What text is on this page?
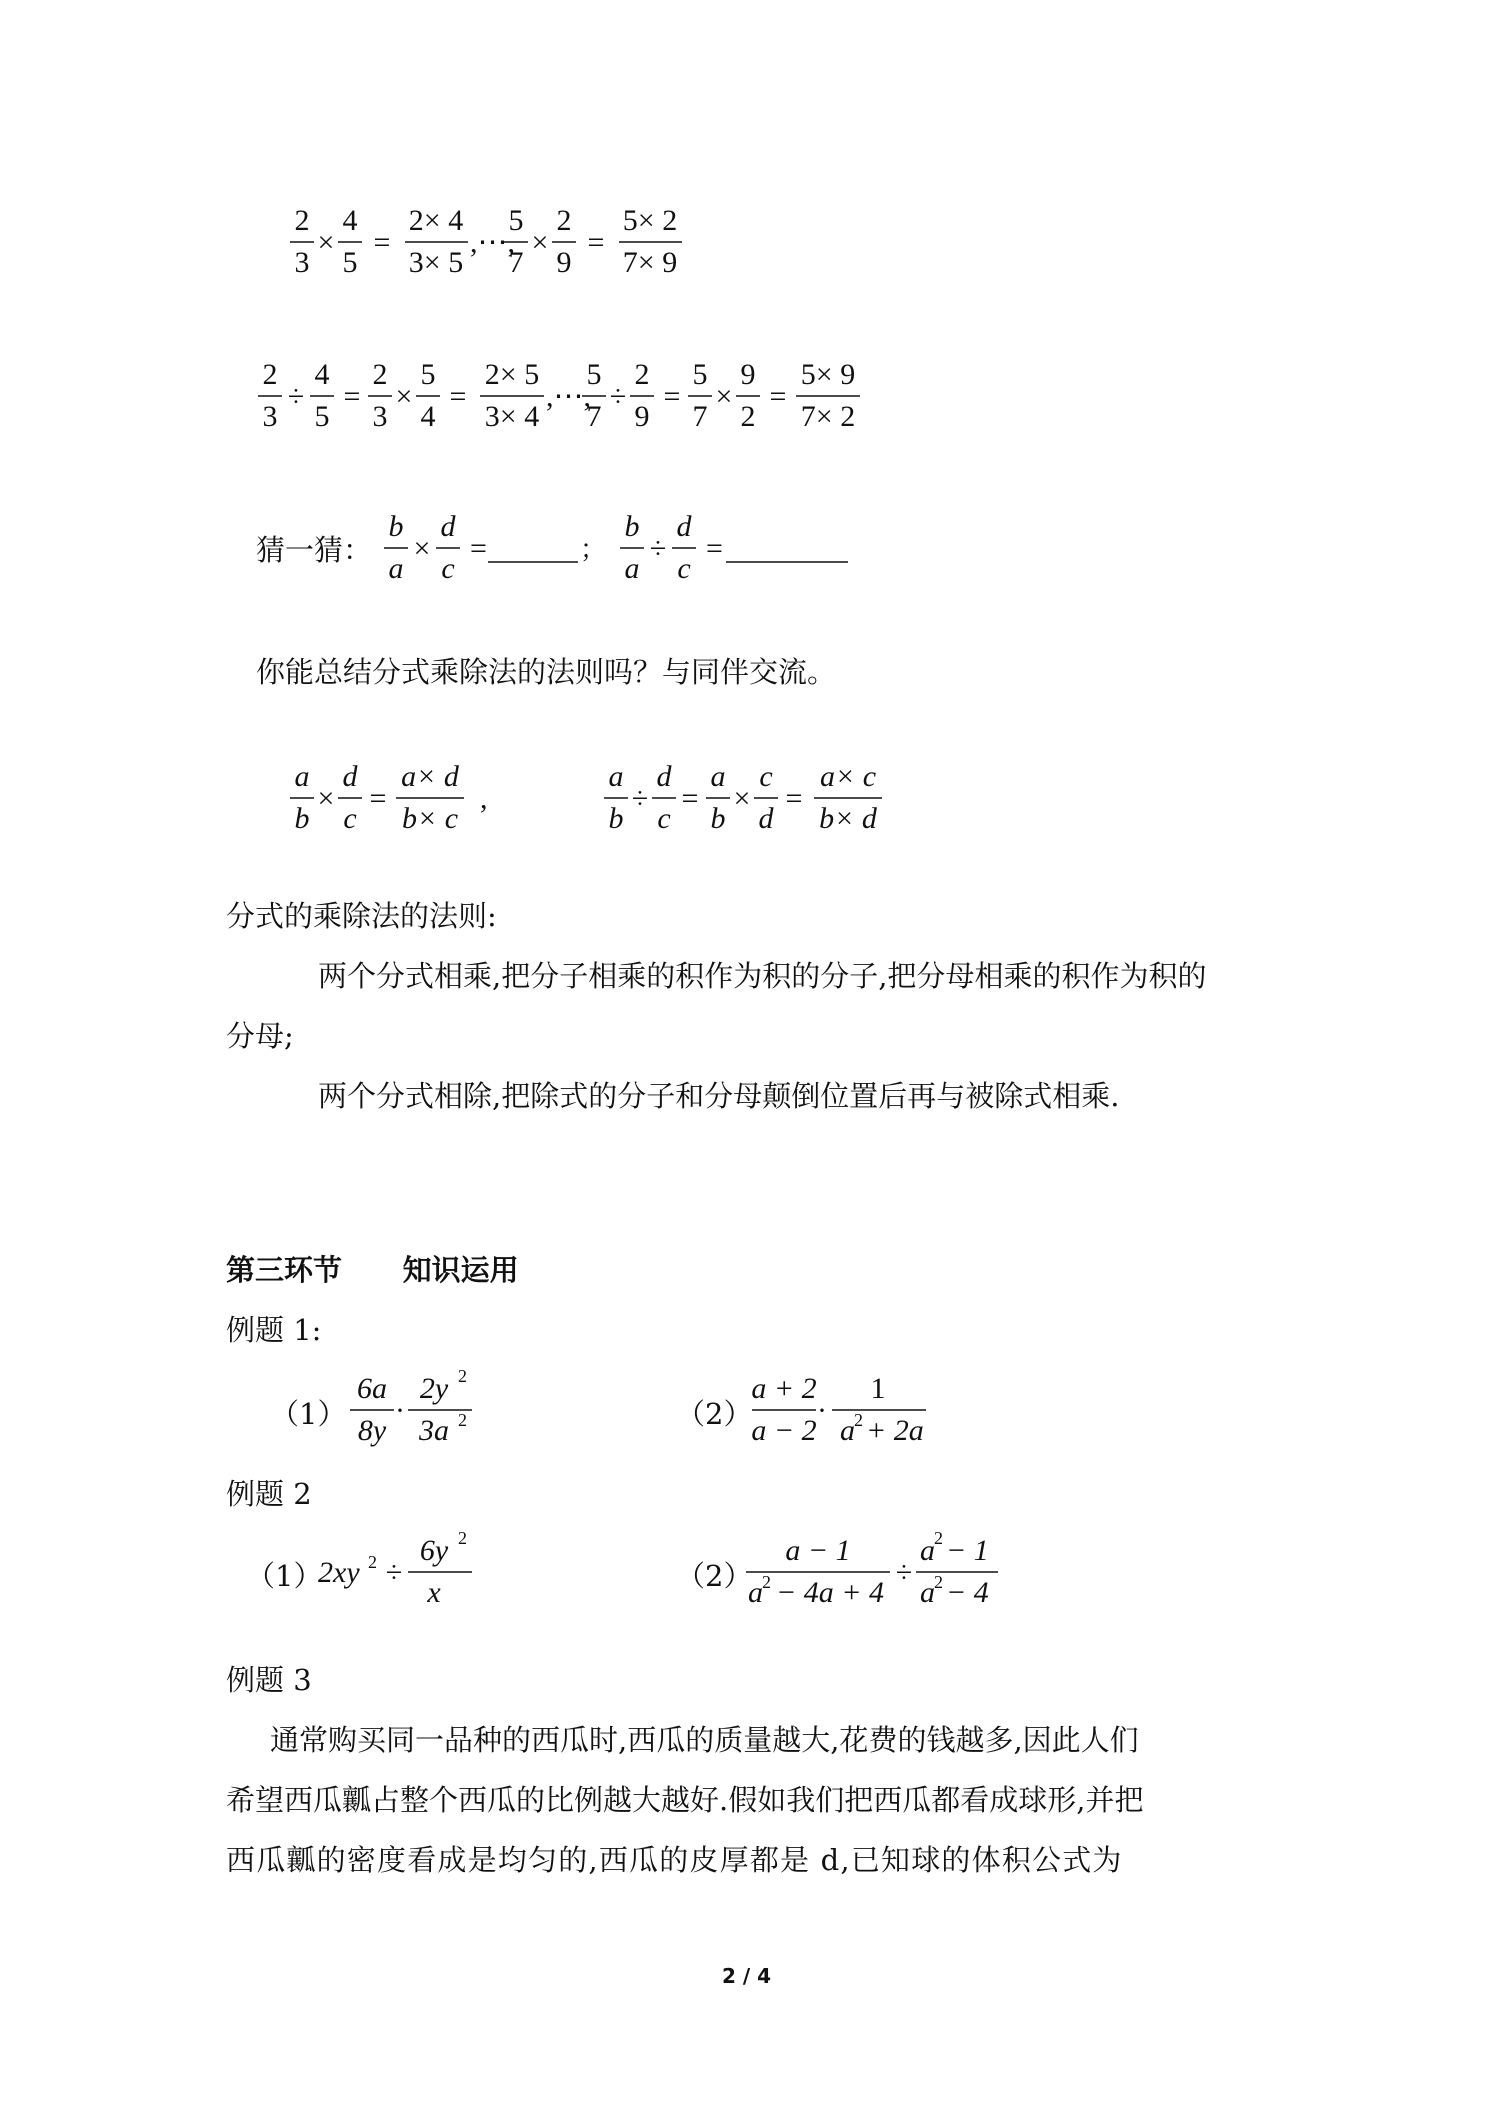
2
3
×
4
5
=
2× 4
3× 5
,⋯,
5
7
×
2
9
=
5× 2
7× 9
2
3
÷
4
5
=
2
3
×
5
4
=
2× 5
3× 4
,⋯,
5
7
÷
2
9
=
5
7
×
9
2
=
5× 9
7× 2
猜一猜：
b
a
×
d
c
=	；
b
a
÷
d
c
=
你能总结分式乘除法的法则吗？与同伴交流。
a
b
×
d
c
=
a× d
b× c
,
a
b
÷
d
c
=
a
b
×
c
d
=
a× c
b× d
分式的乘除法的法则:
两个分式相乘,把分子相乘的积作为积的分子,把分母相乘的积作为积的
分母;
两个分式相除,把除式的分子和分母颠倒位置后再与被除式相乘.
第三环节      知识运用
例题 1:
（1）
6a
8y
·
2y 2
3a 2	（2）
a + 2
a − 2
·
1
a 2 + 2a
例题 2
（1）
2xy 2 ÷
6y 2
x	（2）
a − 1
a 2 − 4a + 4
÷
a 2 − 1
a 2 − 4
例题 3
通常购买同一品种的西瓜时,西瓜的质量越大,花费的钱越多,因此人们
希望西瓜瓤占整个西瓜的比例越大越好.假如我们把西瓜都看成球形,并把
西瓜瓤的密度看成是均匀的,西瓜的皮厚都是 d,已知球的体积公式为
2 / 4
